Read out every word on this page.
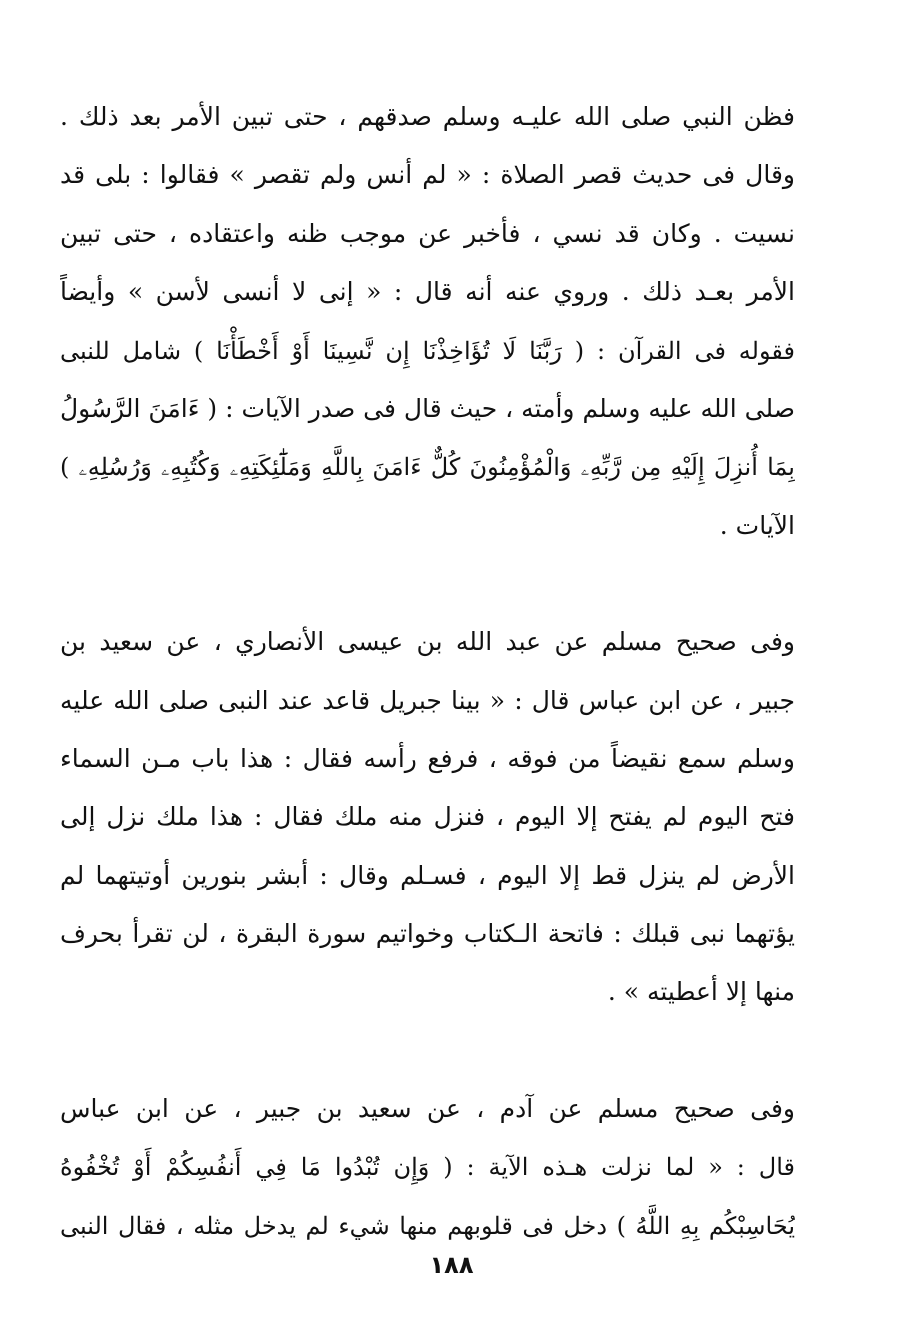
فظن النبي صلى الله عليـه وسلم صدقهم ، حتى تبين الأمر بعد ذلك .
وقال فى حديث قصر الصلاة : « لم أنس ولم تقصر » فقالوا : بلى قد
نسيت . وكان قد نسي ، فأخبر عن موجب ظنه واعتقاده ، حتى تبين
الأمر بعـد ذلك . وروي عنه أنه قال : « إنى لا أنسى لأسن » وأيضاً
فقوله فى القرآن : ( رَبَّنَا لَا تُؤَاخِذْنَا إِن نَّسِينَا أَوْ أَخْطَأْنَا ) شامل للنبى
صلى الله عليه وسلم وأمته ، حيث قال فى صدر الآيات : ( ءَامَنَ الرَّسُولُ
بِمَا أُنزِلَ إِلَيْهِ مِن رَّبِّهِۦ وَالْمُؤْمِنُونَ كُلٌّ ءَامَنَ بِاللَّهِ وَمَلَٰٓئِكَتِهِۦ وَكُتُبِهِۦ وَرُسُلِهِۦ )
الآيات .
وفى صحيح مسلم عن عبد الله بن عيسى الأنصاري ، عن سعيد بن
جبير ، عن ابن عباس قال : « بينا جبريل قاعد عند النبى صلى الله عليه
وسلم سمع نقيضاً من فوقه ، فرفع رأسه فقال : هذا باب مـن السماء
فتح اليوم لم يفتح إلا اليوم ، فنزل منه ملك فقال : هذا ملك نزل إلى
الأرض لم ينزل قط إلا اليوم ، فسـلم وقال : أبشر بنورين أوتيتهما لم
يؤتهما نبى قبلك : فاتحة الـكتاب وخواتيم سورة البقرة ، لن تقرأ بحرف
منها إلا أعطيته » .
وفى صحيح مسلم عن آدم ، عن سعيد بن جبير ، عن ابن عباس
قال : « لما نزلت هـذه الآية : ( وَإِن تُبْدُوا مَا فِي أَنفُسِكُمْ أَوْ تُخْفُوهُ
يُحَاسِبْكُم بِهِ اللَّهُ ) دخل فى قلوبهم منها شيء لم يدخل مثله ، فقال النبى
١٨٨
